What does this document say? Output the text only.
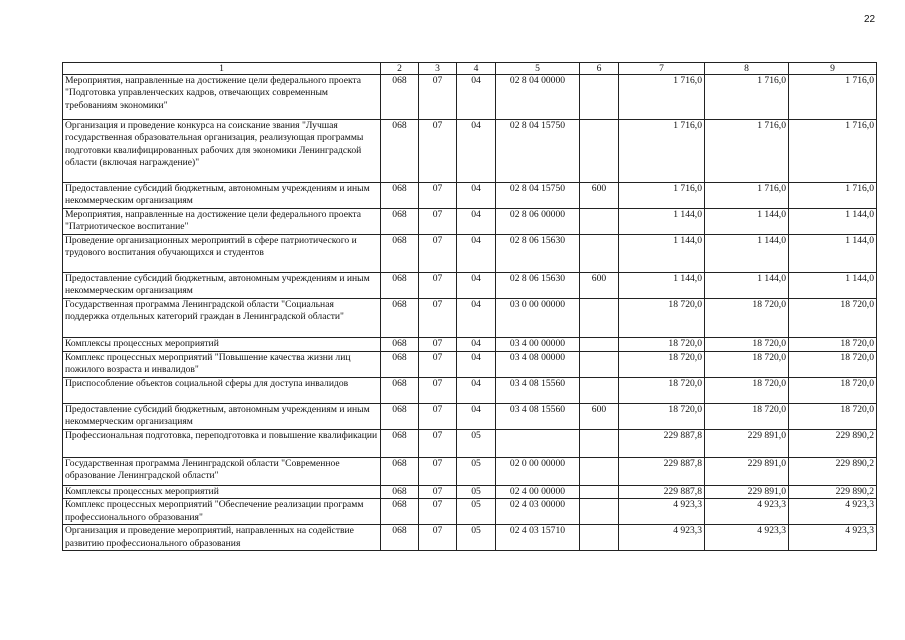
22
1	2	3	4	5	6	7	8	9
Мероприятия, направленные на достижение цели федерального проекта "Подготовка управленческих кадров, отвечающих современным требованиям экономики"	068	07	04	02 8 04 00000		1 716,0	1 716,0	1 716,0
Организация и проведение конкурса на соискание звания "Лучшая государственная образовательная организация, реализующая программы подготовки квалифицированных рабочих для экономики Ленинградской области (включая награждение)"	068	07	04	02 8 04 15750		1 716,0	1 716,0	1 716,0
Предоставление субсидий бюджетным, автономным учреждениям и иным некоммерческим организациям	068	07	04	02 8 04 15750	600	1 716,0	1 716,0	1 716,0
Мероприятия, направленные на достижение цели федерального проекта "Патриотическое воспитание"	068	07	04	02 8 06 00000		1 144,0	1 144,0	1 144,0
Проведение организационных мероприятий в сфере патриотического и трудового воспитания обучающихся и студентов	068	07	04	02 8 06 15630		1 144,0	1 144,0	1 144,0
Предоставление субсидий бюджетным, автономным учреждениям и иным некоммерческим организациям	068	07	04	02 8 06 15630	600	1 144,0	1 144,0	1 144,0
Государственная программа Ленинградской области "Социальная поддержка отдельных категорий граждан в Ленинградской области"	068	07	04	03 0 00 00000		18 720,0	18 720,0	18 720,0
Комплексы процессных мероприятий	068	07	04	03 4 00 00000		18 720,0	18 720,0	18 720,0
Комплекс процессных мероприятий "Повышение качества жизни лиц пожилого возраста и инвалидов"	068	07	04	03 4 08 00000		18 720,0	18 720,0	18 720,0
Приспособление объектов социальной сферы для доступа инвалидов	068	07	04	03 4 08 15560		18 720,0	18 720,0	18 720,0
Предоставление субсидий бюджетным, автономным учреждениям и иным некоммерческим организациям	068	07	04	03 4 08 15560	600	18 720,0	18 720,0	18 720,0
Профессиональная подготовка, переподготовка и повышение квалификации	068	07	05			229 887,8	229 891,0	229 890,2
Государственная программа Ленинградской области "Современное образование Ленинградской области"	068	07	05	02 0 00 00000		229 887,8	229 891,0	229 890,2
Комплексы процессных мероприятий	068	07	05	02 4 00 00000		229 887,8	229 891,0	229 890,2
Комплекс процессных мероприятий "Обеспечение реализации программ профессионального образования"	068	07	05	02 4 03 00000		4 923,3	4 923,3	4 923,3
Организация и проведение мероприятий, направленных на содействие развитию профессионального образования	068	07	05	02 4 03 15710		4 923,3	4 923,3	4 923,3
